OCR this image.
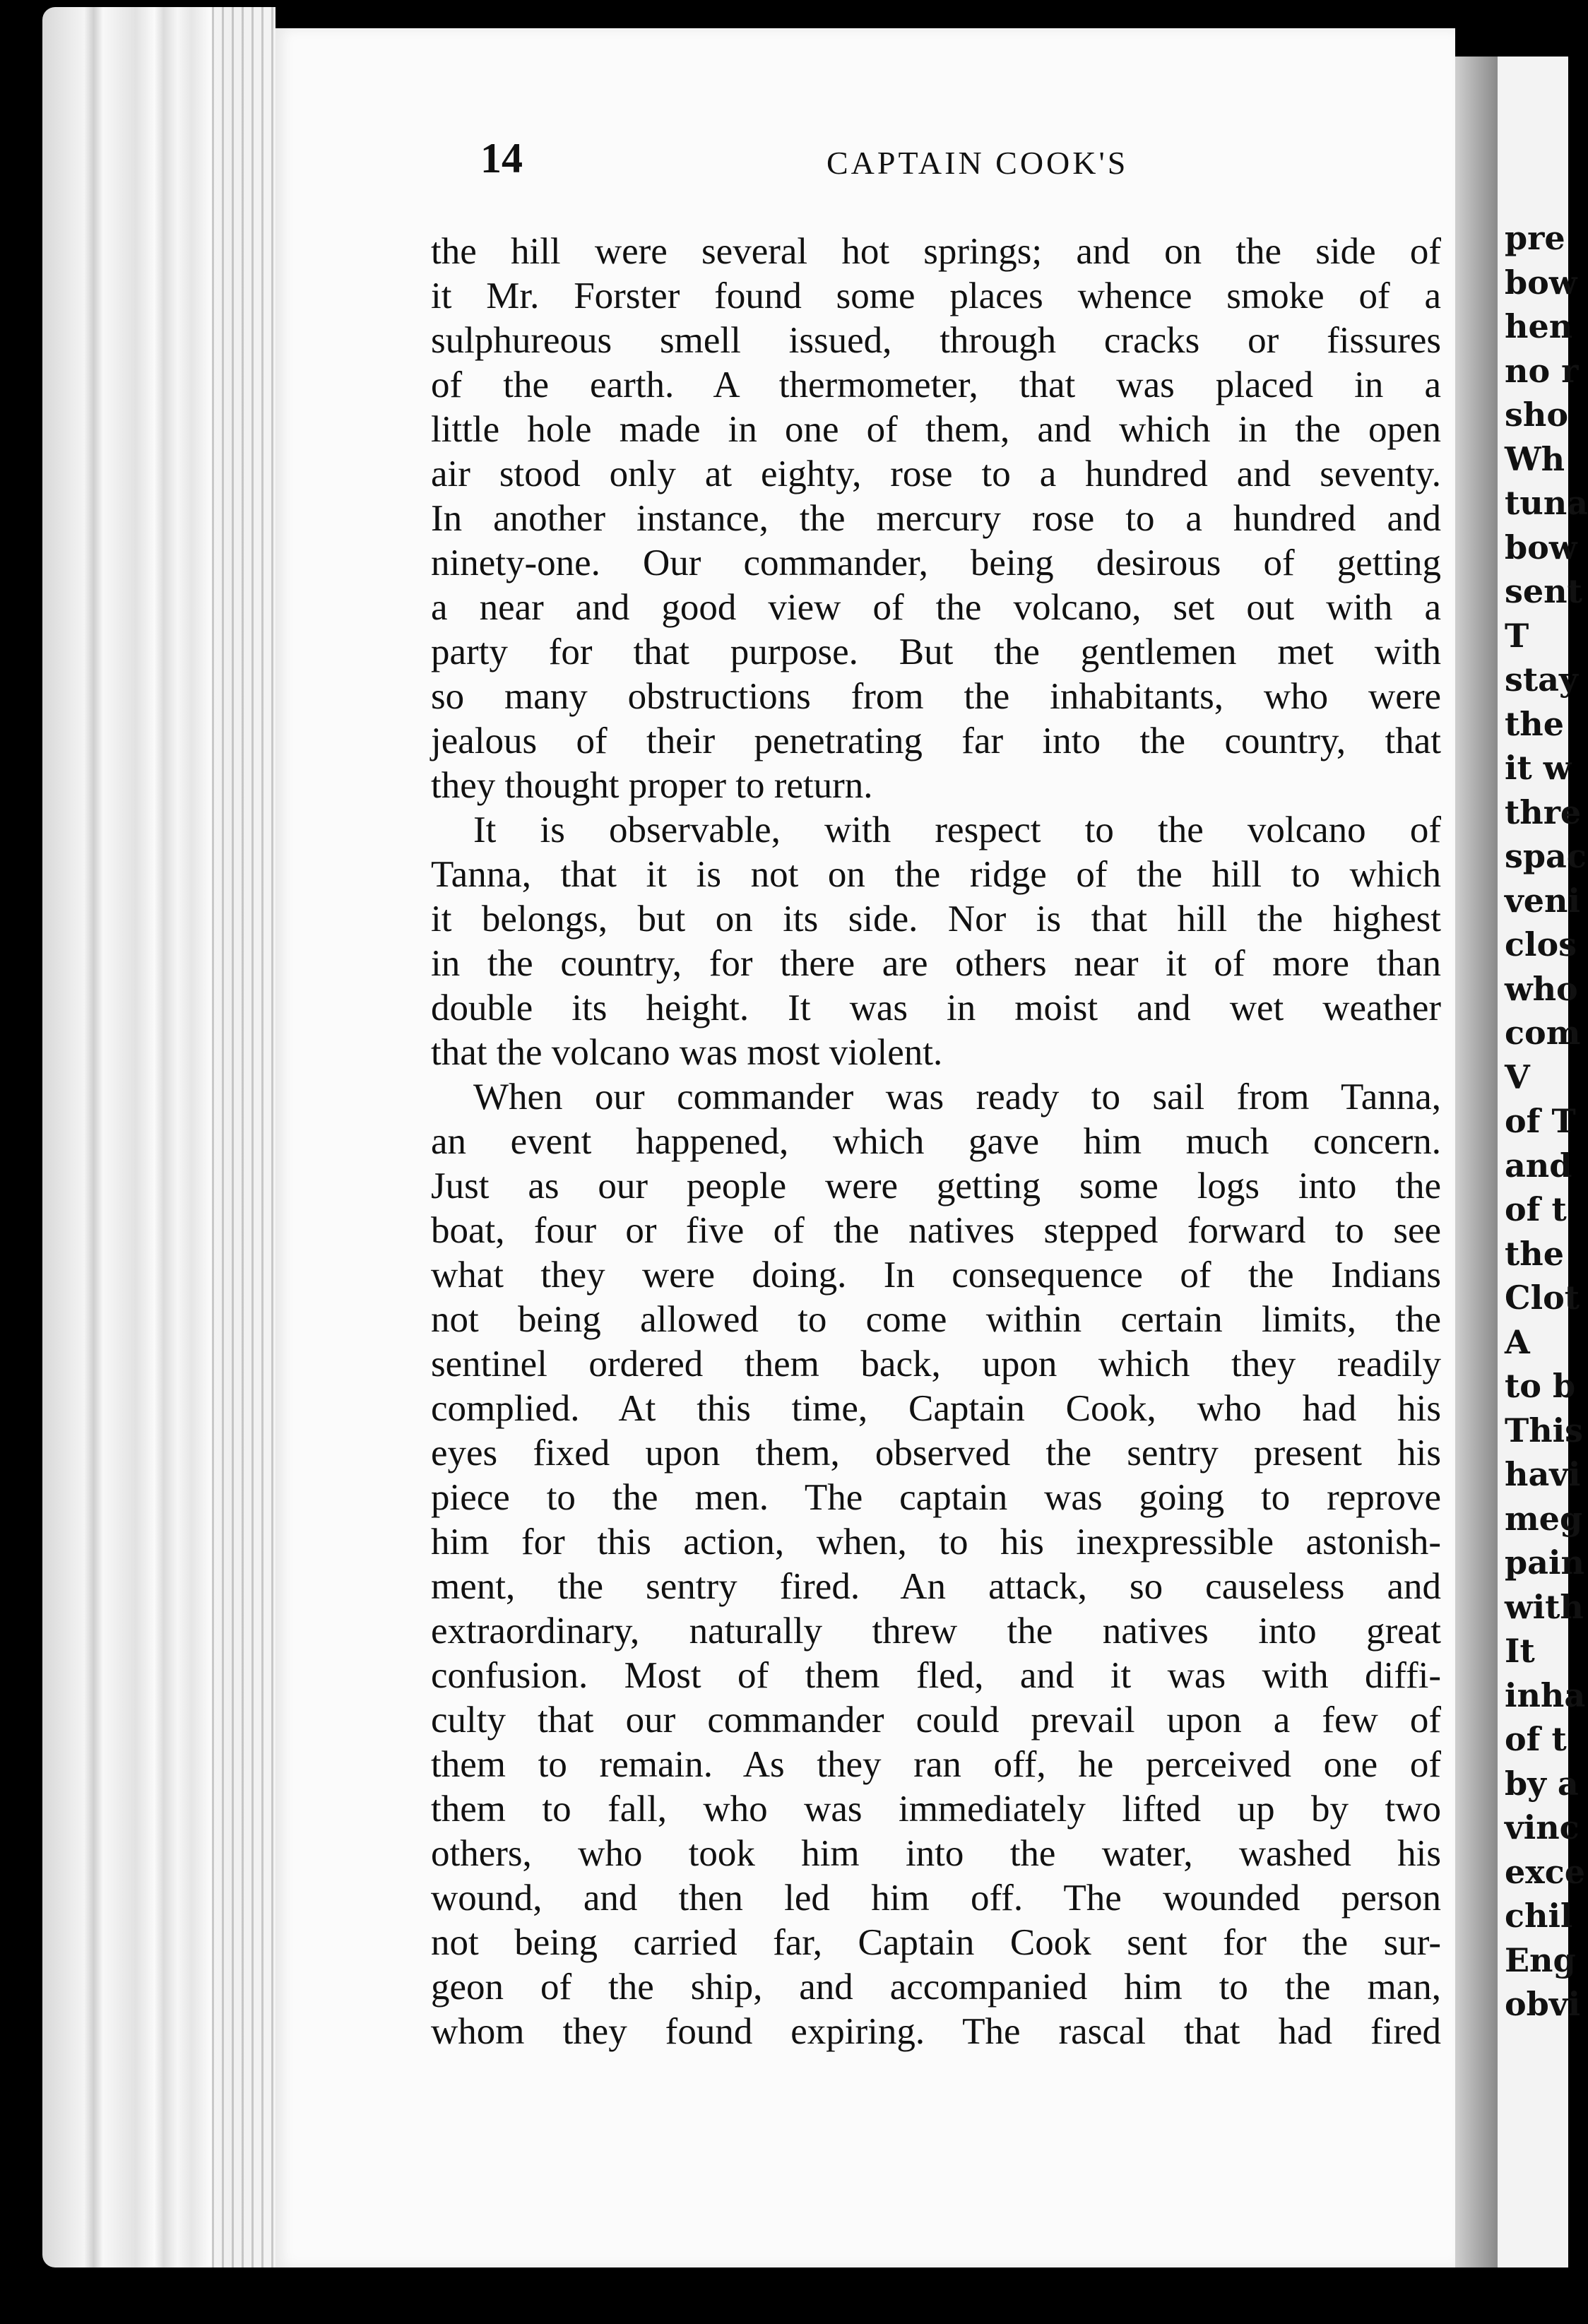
pre
bow
hen
no r
sho
Wh
tuna
bow
sent
T
stay
the
it w
thre
spac
veni
clos
who
com
V
of T
and
of t
the
Clot
A
to b
This
havi
meg
pain
with
It
inha
of t
by a
vinc
exce
chil
Eng
obvi
14	CAPTAIN COOK'S
the hill were several hot springs; and on the side of
it Mr. Forster found some places whence smoke of a
sulphureous smell issued, through cracks or fissures
of the earth. A thermometer, that was placed in a
little hole made in one of them, and which in the open
air stood only at eighty, rose to a hundred and seventy.
In another instance, the mercury rose to a hundred and
ninety-one. Our commander, being desirous of getting
a near and good view of the volcano, set out with a
party for that purpose. But the gentlemen met with
so many obstructions from the inhabitants, who were
jealous of their penetrating far into the country, that
they thought proper to return.
It is observable, with respect to the volcano of
Tanna, that it is not on the ridge of the hill to which
it belongs, but on its side. Nor is that hill the highest
in the country, for there are others near it of more than
double its height. It was in moist and wet weather
that the volcano was most violent.
When our commander was ready to sail from Tanna,
an event happened, which gave him much concern.
Just as our people were getting some logs into the
boat, four or five of the natives stepped forward to see
what they were doing. In consequence of the Indians
not being allowed to come within certain limits, the
sentinel ordered them back, upon which they readily
complied. At this time, Captain Cook, who had his
eyes fixed upon them, observed the sentry present his
piece to the men. The captain was going to reprove
him for this action, when, to his inexpressible astonish-
ment, the sentry fired. An attack, so causeless and
extraordinary, naturally threw the natives into great
confusion. Most of them fled, and it was with diffi-
culty that our commander could prevail upon a few of
them to remain. As they ran off, he perceived one of
them to fall, who was immediately lifted up by two
others, who took him into the water, washed his
wound, and then led him off. The wounded person
not being carried far, Captain Cook sent for the sur-
geon of the ship, and accompanied him to the man,
whom they found expiring. The rascal that had fired
